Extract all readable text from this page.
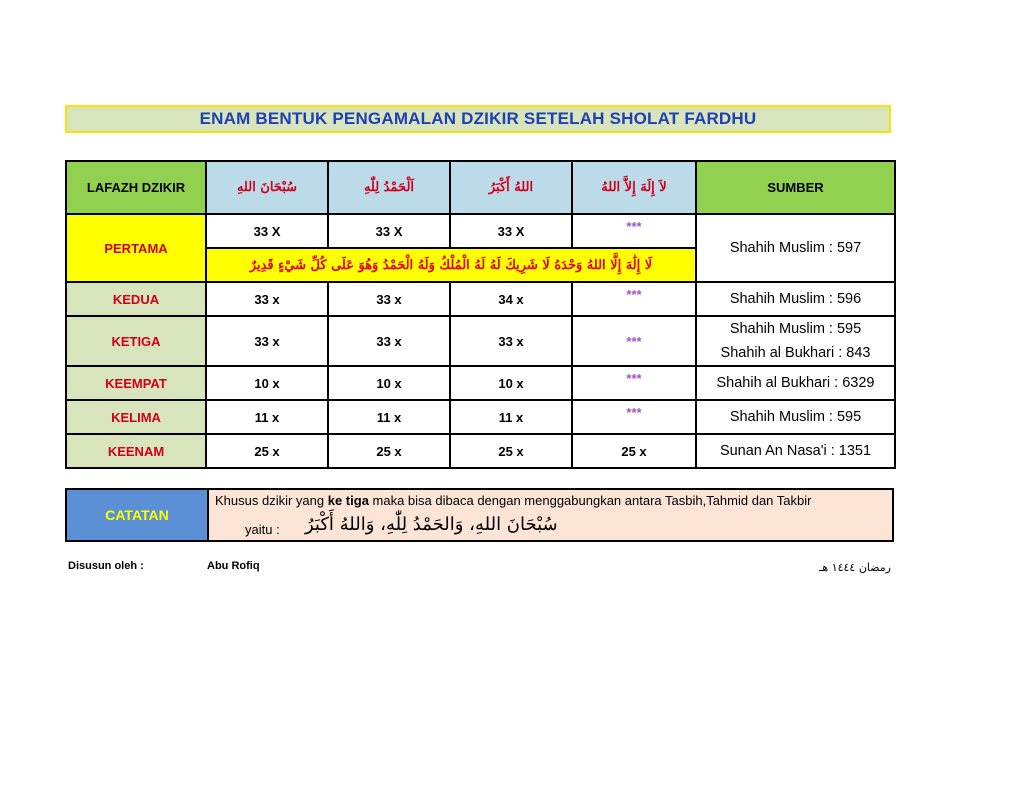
ENAM BENTUK PENGAMALAN DZIKIR SETELAH SHOLAT FARDHU
LAFAZH DZIKIR	سُبْحَانَ اللهِ	اَلْحَمْدُ لِلّٰهِ	اللهُ أَكْبَرُ	لاَ إِلَهَ إِلاَّ اللهُ	SUMBER
PERTAMA	33 X	33 X	33 X	***	Shahih Muslim : 597
	لَا إِلَٰهَ إِلَّا اللهُ وَحْدَهُ لَا شَرِيكَ لَهُ لَهُ الْمُلْكُ وَلَهُ الْحَمْدُ وَهُوَ عَلَى كُلِّ شَيْءٍ قَدِيرٌ				
KEDUA	33 x	33 x	34 x	***	Shahih Muslim : 596
KETIGA	33 x	33 x	33 x	***	Shahih Muslim : 595
Shahih al Bukhari : 843

KEEMPAT	10 x	10 x	10 x	***	Shahih al Bukhari : 6329
KELIMA	11 x	11 x	11 x	***	Shahih Muslim : 595
KEENAM	25 x	25 x	25 x	25 x	Sunan An Nasa'i : 1351
CATATAN
Khusus dzikir yang ke tiga maka bisa dibaca dengan menggabungkan antara Tasbih,Tahmid dan Takbir
yaitu : سُبْحَانَ اللهِ، وَالحَمْدُ لِلّٰهِ، وَاللهُ أَكْبَرُ
Disusun oleh :	Abu Rofiq	رمضان ١٤٤٤ هـ
